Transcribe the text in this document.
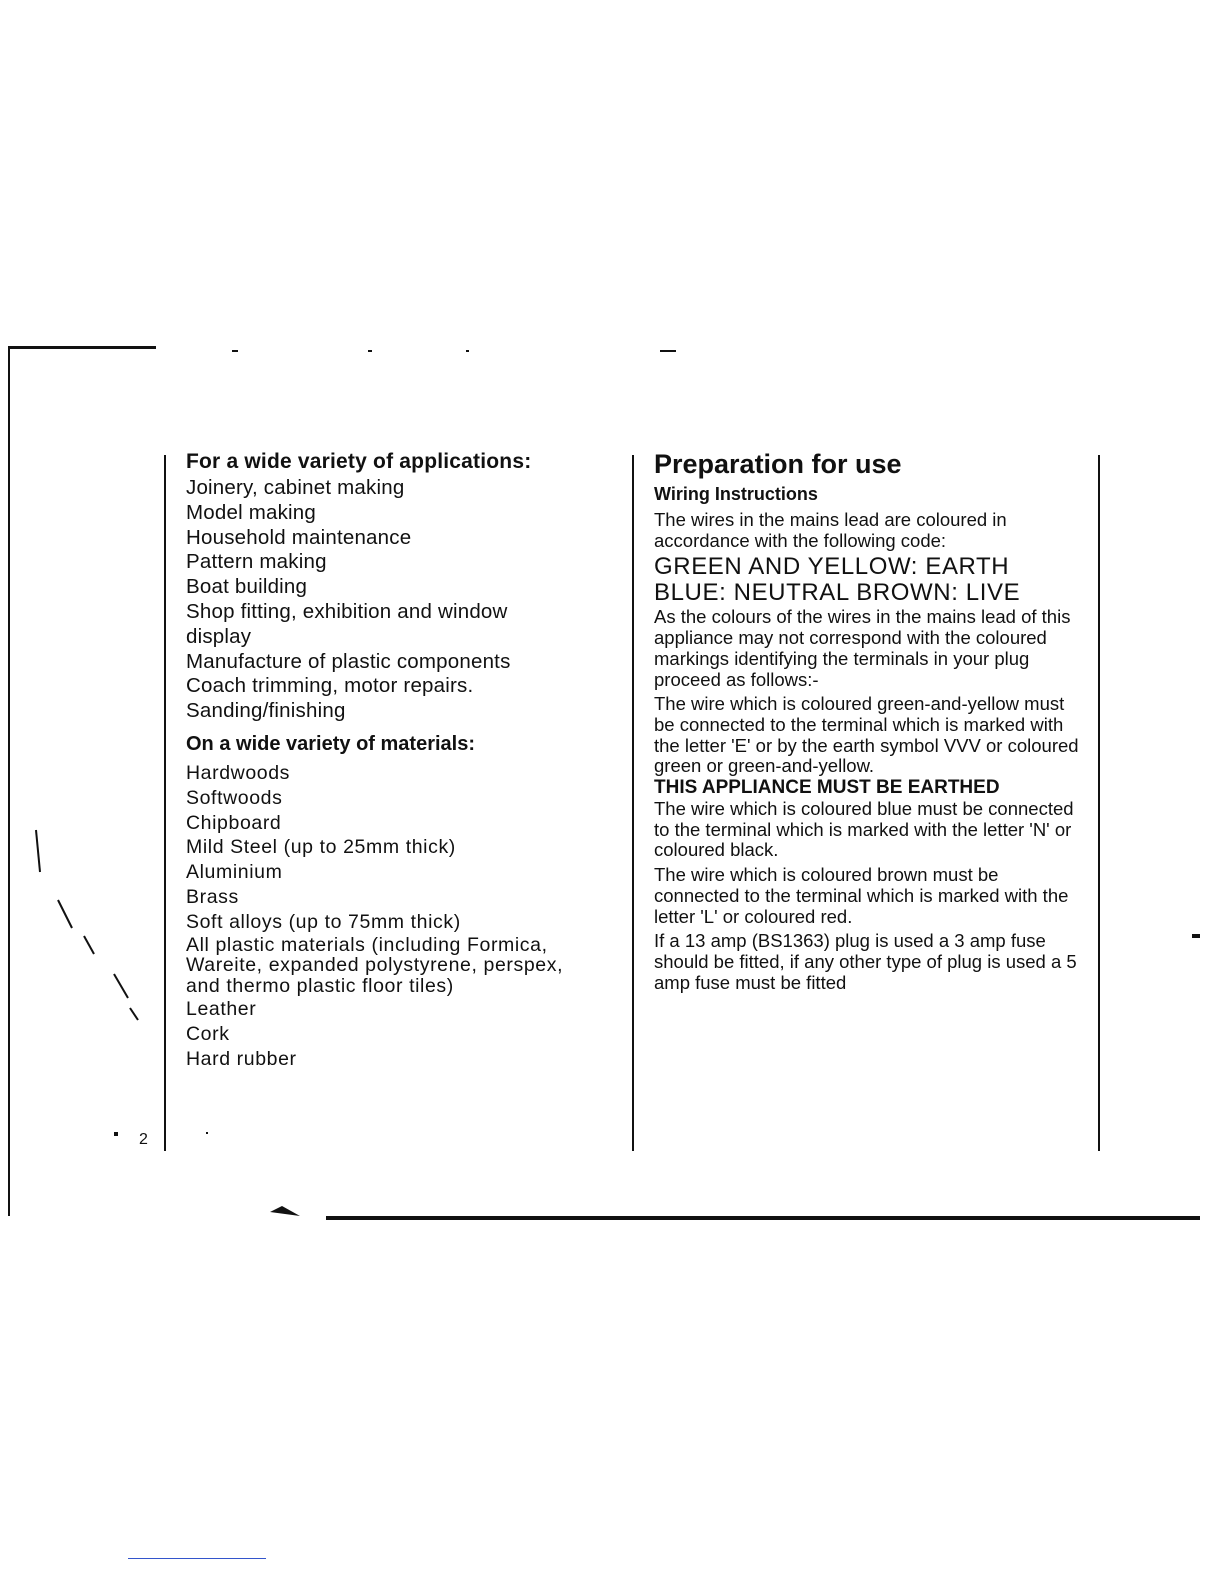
For a wide variety of applications:
Joinery, cabinet making
Model making
Household maintenance
Pattern making
Boat building
Shop fitting, exhibition and window
display
Manufacture of plastic components
Coach trimming, motor repairs.
Sanding/finishing
On a wide variety of materials:
Hardwoods
Softwoods
Chipboard
Mild Steel (up to 25mm thick)
Aluminium
Brass
Soft alloys (up to 75mm thick)
All plastic materials (including Formica,
Wareite, expanded polystyrene, perspex,
and thermo plastic floor tiles)
Leather
Cork
Hard rubber
Preparation for use
Wiring Instructions

The wires in the mains lead are coloured in accordance with the following code:

GREEN AND YELLOW: EARTH

BLUE: NEUTRAL BROWN: LIVE

As the colours of the wires in the mains lead of this appliance may not correspond with the coloured markings identifying the terminals in your plug proceed as follows:-

The wire which is coloured green-and-yellow must be connected to the terminal which is marked with the letter 'E' or by the earth symbol VVV or coloured green or green-and-yellow.

THIS APPLIANCE MUST BE EARTHED

The wire which is coloured blue must be connected to the terminal which is marked with the letter 'N' or coloured black.

The wire which is coloured brown must be connected to the terminal which is marked with the letter 'L' or coloured red.

If a 13 amp (BS1363) plug is used a 3 amp fuse should be fitted, if any other type of plug is used a 5 amp fuse must be fitted

2
